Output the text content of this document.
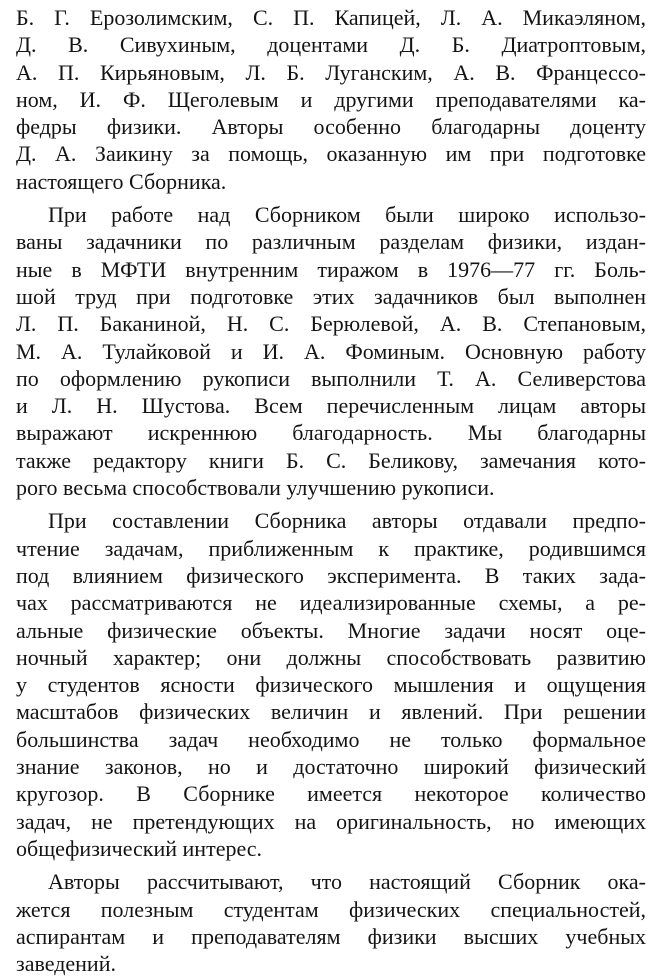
Б. Г. Ерозолимским, С. П. Капицей, Л. А. Микаэляном,
Д. В. Сивухиным, доцентами Д. Б. Диатроптовым,
А. П. Кирьяновым, Л. Б. Луганским, А. В. Францессо-
ном, И. Ф. Щеголевым и другими преподавателями ка-
федры физики. Авторы особенно благодарны доценту
Д. А. Заикину за помощь, оказанную им при подготовке
настоящего Сборника.
При работе над Сборником были широко использо-
ваны задачники по различным разделам физики, издан-
ные в МФТИ внутренним тиражом в 1976—77 гг. Боль-
шой труд при подготовке этих задачников был выполнен
Л. П. Баканиной, Н. С. Берюлевой, А. В. Степановым,
М. А. Тулайковой и И. А. Фоминым. Основную работу
по оформлению рукописи выполнили Т. А. Селиверстова
и Л. Н. Шустова. Всем перечисленным лицам авторы
выражают искреннюю благодарность. Мы благодарны
также редактору книги Б. С. Беликову, замечания кото-
рого весьма способствовали улучшению рукописи.
При составлении Сборника авторы отдавали предпо-
чтение задачам, приближенным к практике, родившимся
под влиянием физического эксперимента. В таких зада-
чах рассматриваются не идеализированные схемы, а ре-
альные физические объекты. Многие задачи носят оце-
ночный характер; они должны способствовать развитию
у студентов ясности физического мышления и ощущения
масштабов физических величин и явлений. При решении
большинства задач необходимо не только формальное
знание законов, но и достаточно широкий физический
кругозор. В Сборнике имеется некоторое количество
задач, не претендующих на оригинальность, но имеющих
общефизический интерес.
Авторы рассчитывают, что настоящий Сборник ока-
жется полезным студентам физических специальностей,
аспирантам и преподавателям физики высших учебных
заведений.
